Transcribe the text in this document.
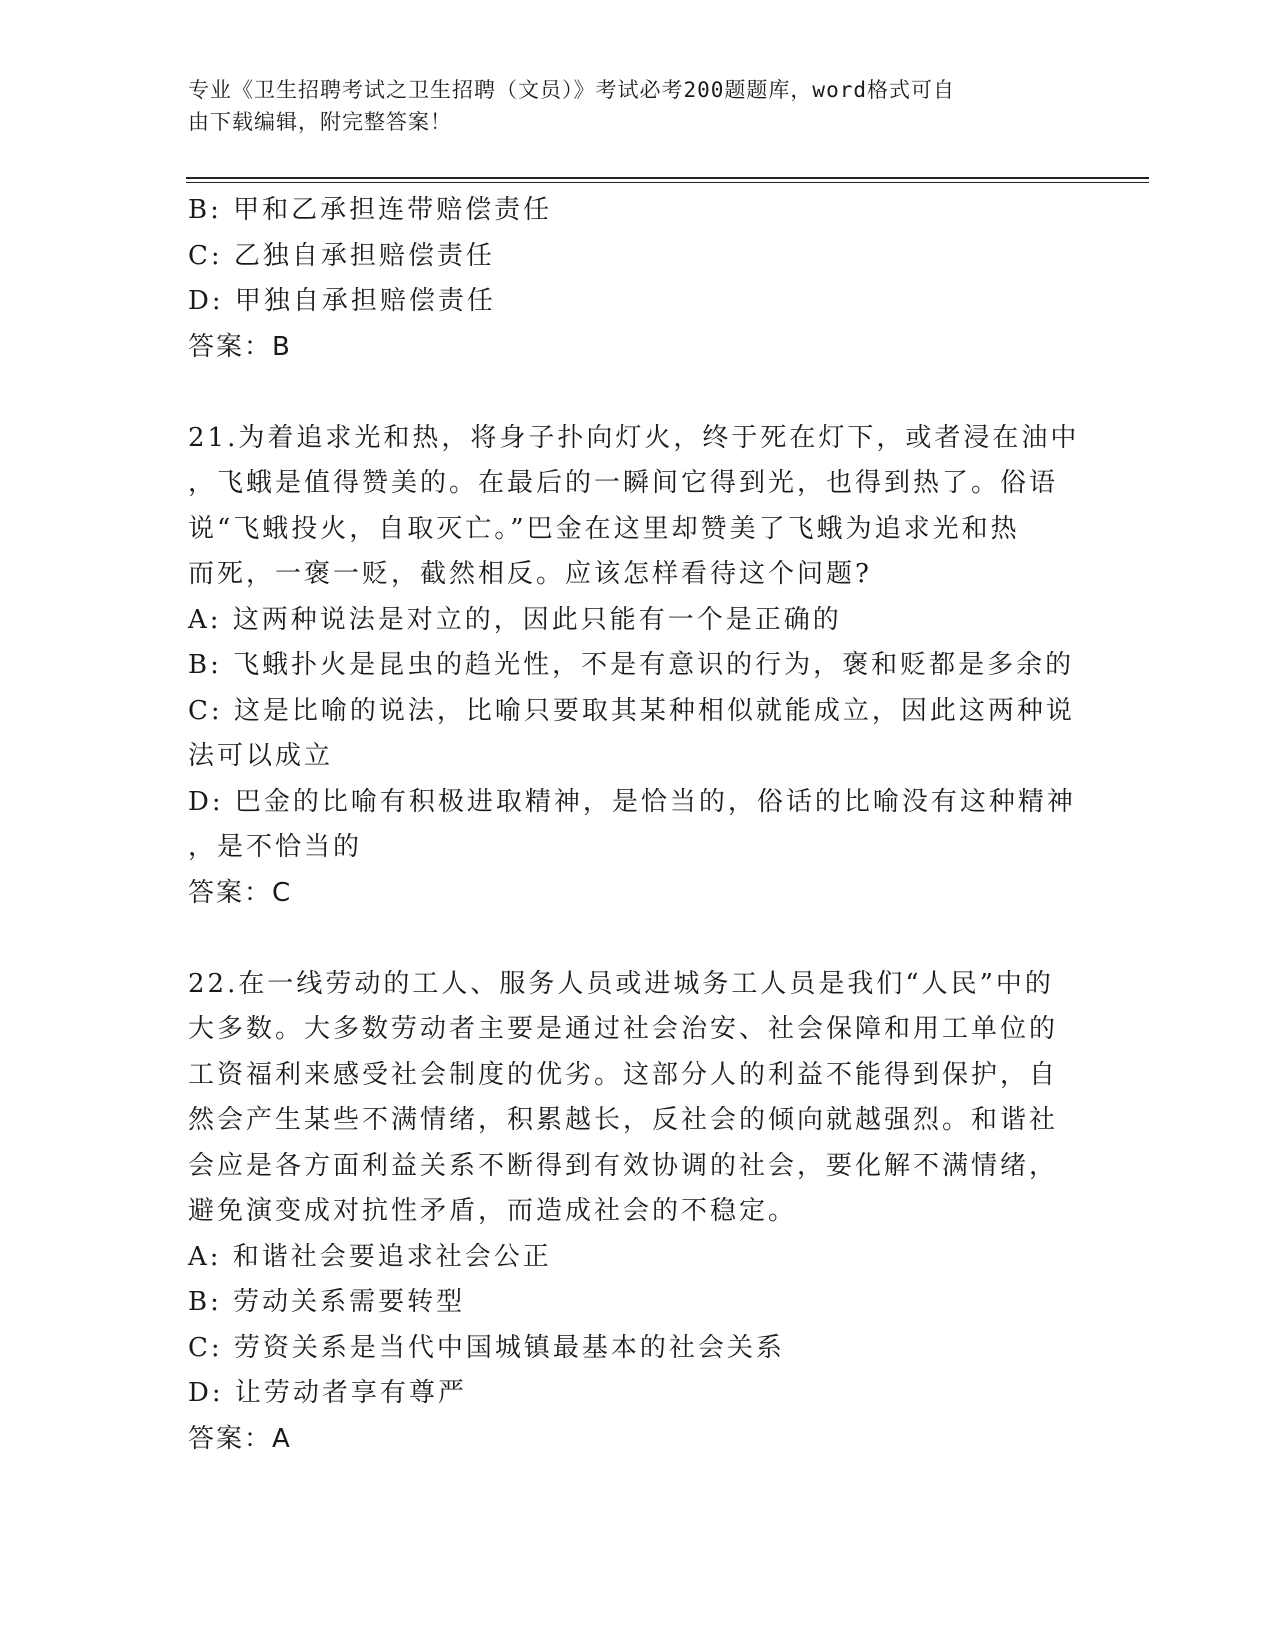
专业《卫生招聘考试之卫生招聘（文员）》考试必考200题题库，word格式可自
由下载编辑，附完整答案！
B: 甲和乙承担连带赔偿责任
C: 乙独自承担赔偿责任
D: 甲独自承担赔偿责任
答案：B
21.为着追求光和热，将身子扑向灯火，终于死在灯下，或者浸在油中
，飞蛾是值得赞美的。在最后的一瞬间它得到光，也得到热了。俗语
说“飞蛾投火，自取灭亡。”巴金在这里却赞美了飞蛾为追求光和热
而死，一褒一贬，截然相反。应该怎样看待这个问题?
A: 这两种说法是对立的，因此只能有一个是正确的
B: 飞蛾扑火是昆虫的趋光性，不是有意识的行为，褒和贬都是多余的
C: 这是比喻的说法，比喻只要取其某种相似就能成立，因此这两种说
法可以成立
D: 巴金的比喻有积极进取精神，是恰当的，俗话的比喻没有这种精神
，是不恰当的
答案：C
22.在一线劳动的工人、服务人员或进城务工人员是我们“人民”中的
大多数。大多数劳动者主要是通过社会治安、社会保障和用工单位的
工资福利来感受社会制度的优劣。这部分人的利益不能得到保护，自
然会产生某些不满情绪，积累越长，反社会的倾向就越强烈。和谐社
会应是各方面利益关系不断得到有效协调的社会，要化解不满情绪，
避免演变成对抗性矛盾，而造成社会的不稳定。
A: 和谐社会要追求社会公正
B: 劳动关系需要转型
C: 劳资关系是当代中国城镇最基本的社会关系
D: 让劳动者享有尊严
答案：A
